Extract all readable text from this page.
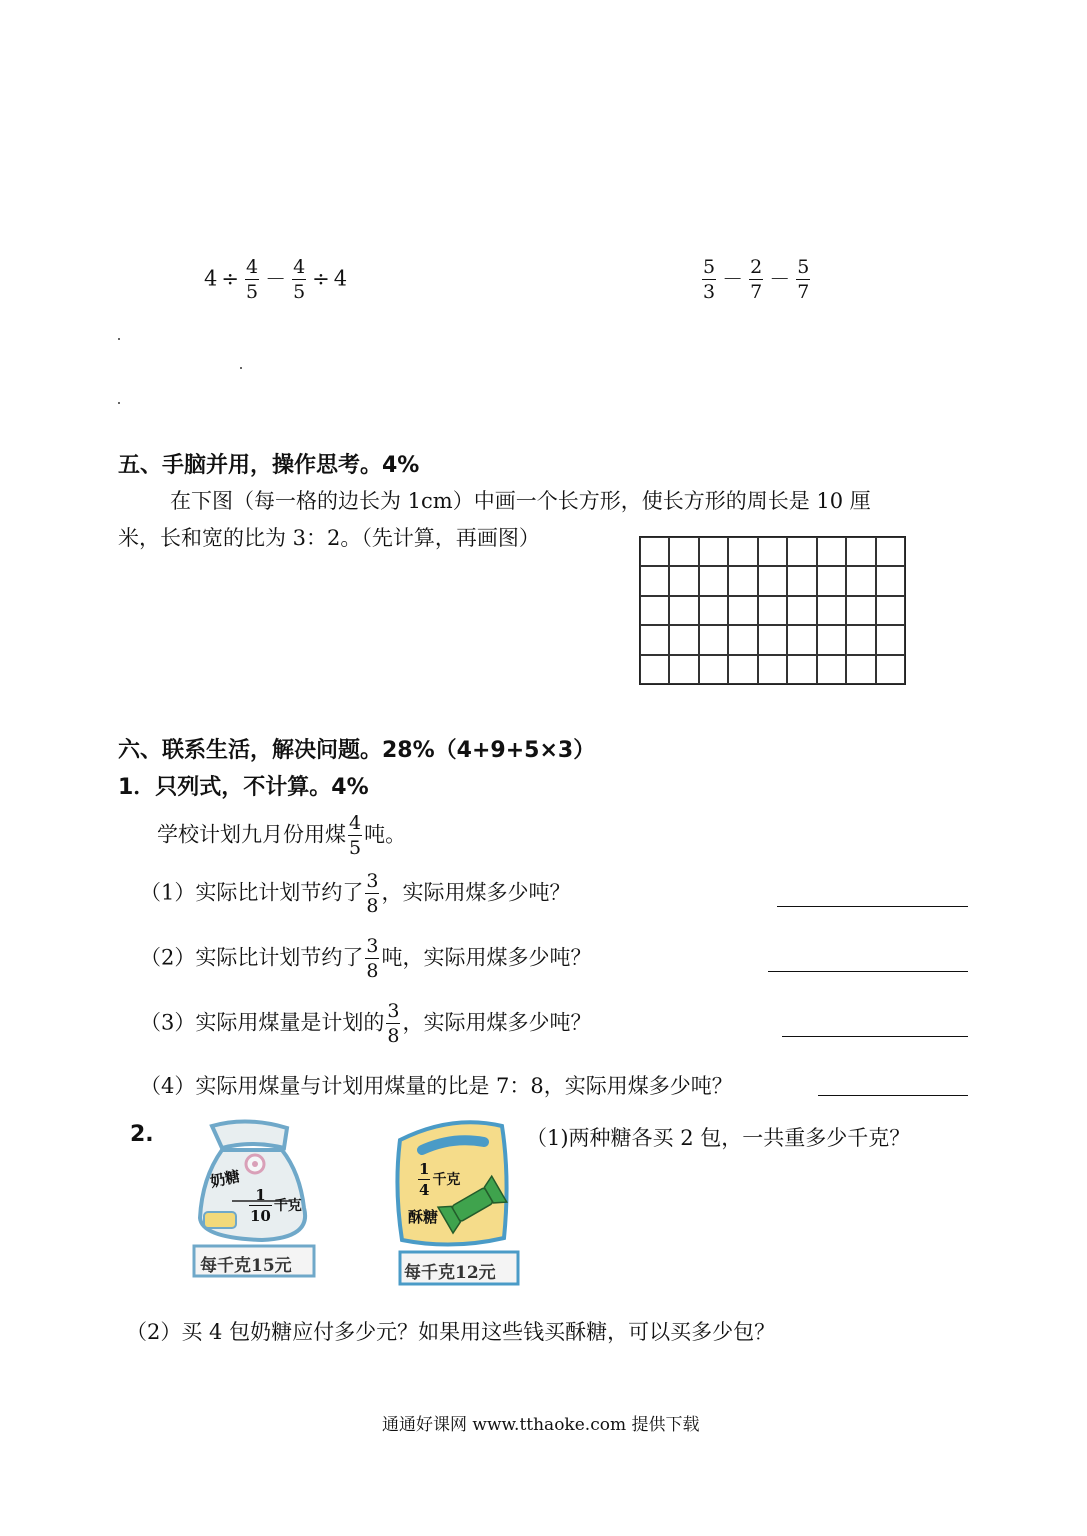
$4 \div \frac{4}{5} - \frac{4}{5} \div 4$	$\frac{5}{3} - \frac{2}{7} - \frac{5}{7}$
五、手脑并用，操作思考。4%
在下图（每一格的边长为 1cm）中画一个长方形，使长方形的周长是 10 厘
米，长和宽的比为 3：2。（先计算，再画图）
六、联系生活，解决问题。28%（4+9+5×3）
1．只列式，不计算。4%
学校计划九月份用煤 $\frac{4}{5}$ 吨。
（1）实际比计划节约了 $\frac{3}{8}$ ，实际用煤多少吨？
（2）实际比计划节约了 $\frac{3}{8}$ 吨，实际用煤多少吨？
（3）实际用煤量是计划的 $\frac{3}{8}$ ，实际用煤多少吨？
（4）实际用煤量与计划用煤量的比是 7：8，实际用煤多少吨？
2.
奶糖
$\frac{1}{10}$ 千克
每千克15元
$\frac{1}{4}$ 千克
酥糖
每千克12元
（1)两种糖各买 2 包，一共重多少千克？
（2）买 4 包奶糖应付多少元？如果用这些钱买酥糖，可以买多少包？
通通好课网 www.tthaoke.com 提供下载
